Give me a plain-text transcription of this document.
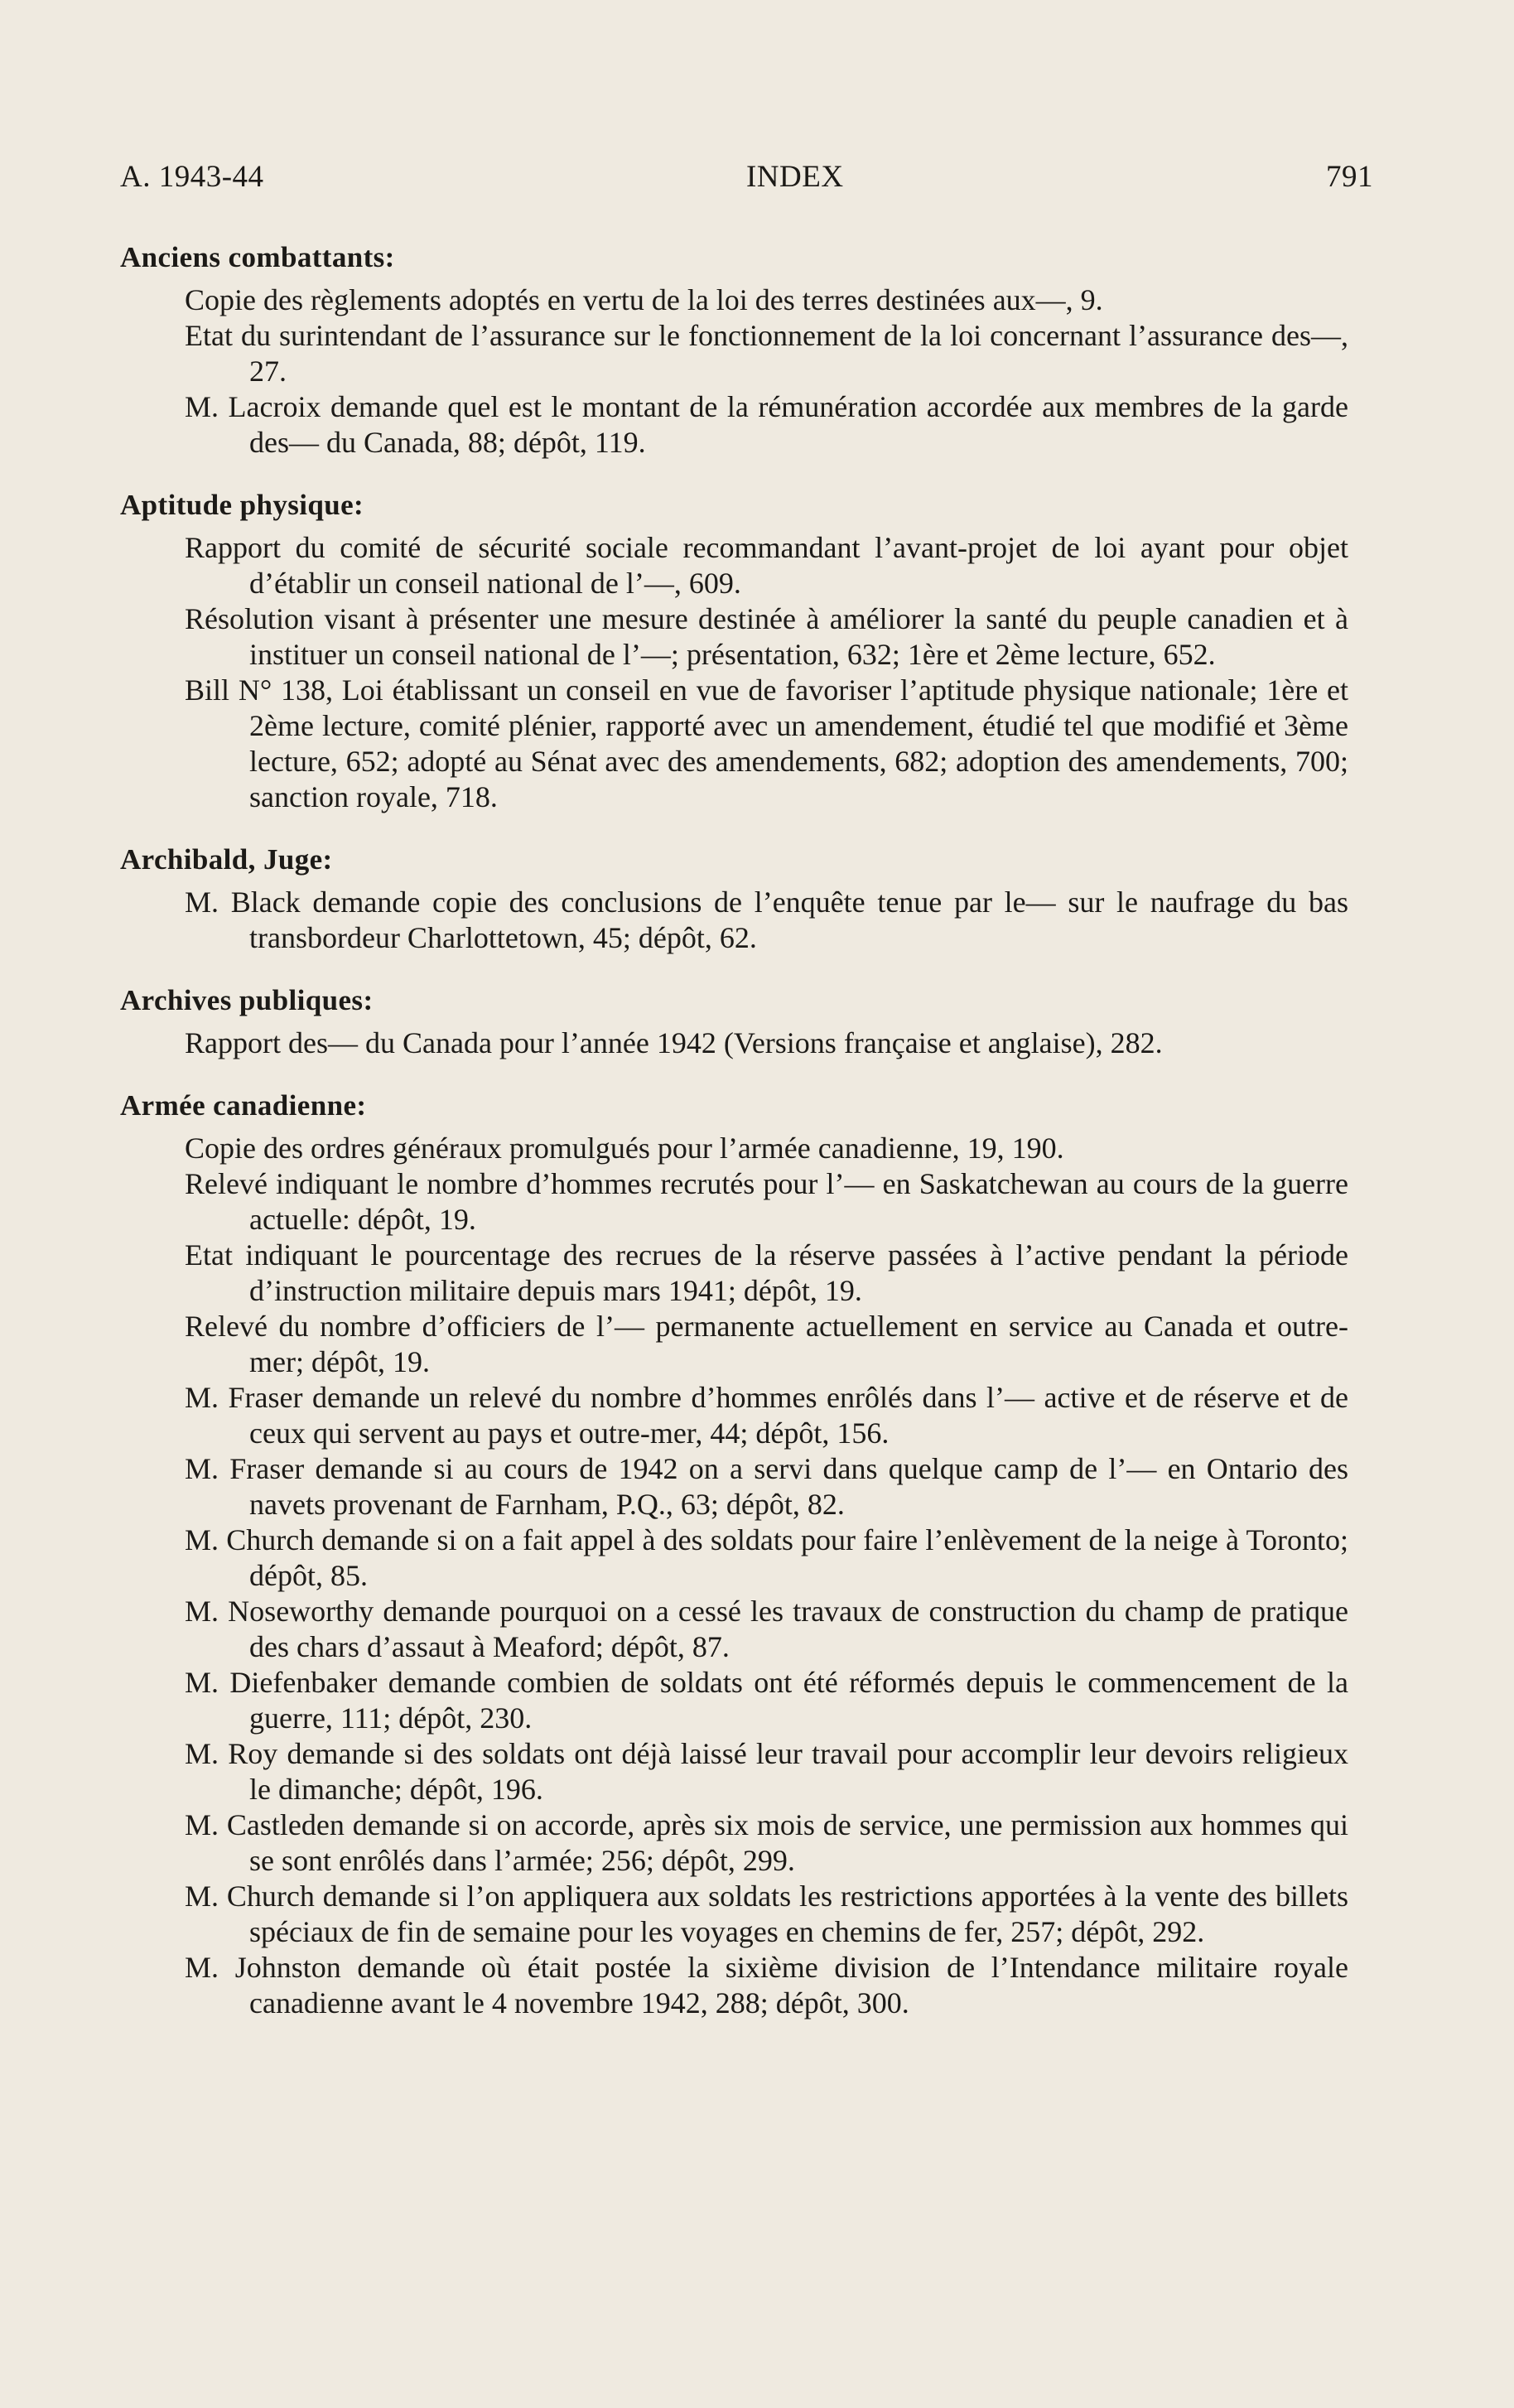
A. 1943-44	INDEX	791
Anciens combattants:
Copie des règlements adoptés en vertu de la loi des terres destinées aux—, 9.
Etat du surintendant de l’assurance sur le fonctionnement de la loi concernant l’assurance des—, 27.
M. Lacroix demande quel est le montant de la rémunération accordée aux membres de la garde des— du Canada, 88; dépôt, 119.
Aptitude physique:
Rapport du comité de sécurité sociale recommandant l’avant-projet de loi ayant pour objet d’établir un conseil national de l’—, 609.
Résolution visant à présenter une mesure destinée à améliorer la santé du peuple canadien et à instituer un conseil national de l’—; présentation, 632; 1ère et 2ème lecture, 652.
Bill N° 138, Loi établissant un conseil en vue de favoriser l’aptitude physique nationale; 1ère et 2ème lecture, comité plénier, rapporté avec un amendement, étudié tel que modifié et 3ème lecture, 652; adopté au Sénat avec des amendements, 682; adoption des amendements, 700; sanction royale, 718.
Archibald, Juge:
M. Black demande copie des conclusions de l’enquête tenue par le— sur le naufrage du bas transbordeur Charlottetown, 45; dépôt, 62.
Archives publiques:
Rapport des— du Canada pour l’année 1942 (Versions française et anglaise), 282.
Armée canadienne:
Copie des ordres généraux promulgués pour l’armée canadienne, 19, 190.
Relevé indiquant le nombre d’hommes recrutés pour l’— en Saskatchewan au cours de la guerre actuelle: dépôt, 19.
Etat indiquant le pourcentage des recrues de la réserve passées à l’active pendant la période d’instruction militaire depuis mars 1941; dépôt, 19.
Relevé du nombre d’officiers de l’— permanente actuellement en service au Canada et outre-mer; dépôt, 19.
M. Fraser demande un relevé du nombre d’hommes enrôlés dans l’— active et de réserve et de ceux qui servent au pays et outre-mer, 44; dépôt, 156.
M. Fraser demande si au cours de 1942 on a servi dans quelque camp de l’— en Ontario des navets provenant de Farnham, P.Q., 63; dépôt, 82.
M. Church demande si on a fait appel à des soldats pour faire l’enlèvement de la neige à Toronto; dépôt, 85.
M. Noseworthy demande pourquoi on a cessé les travaux de construction du champ de pratique des chars d’assaut à Meaford; dépôt, 87.
M. Diefenbaker demande combien de soldats ont été réformés depuis le commencement de la guerre, 111; dépôt, 230.
M. Roy demande si des soldats ont déjà laissé leur travail pour accomplir leur devoirs religieux le dimanche; dépôt, 196.
M. Castleden demande si on accorde, après six mois de service, une permission aux hommes qui se sont enrôlés dans l’armée; 256; dépôt, 299.
M. Church demande si l’on appliquera aux soldats les restrictions apportées à la vente des billets spéciaux de fin de semaine pour les voyages en chemins de fer, 257; dépôt, 292.
M. Johnston demande où était postée la sixième division de l’Intendance militaire royale canadienne avant le 4 novembre 1942, 288; dépôt, 300.
